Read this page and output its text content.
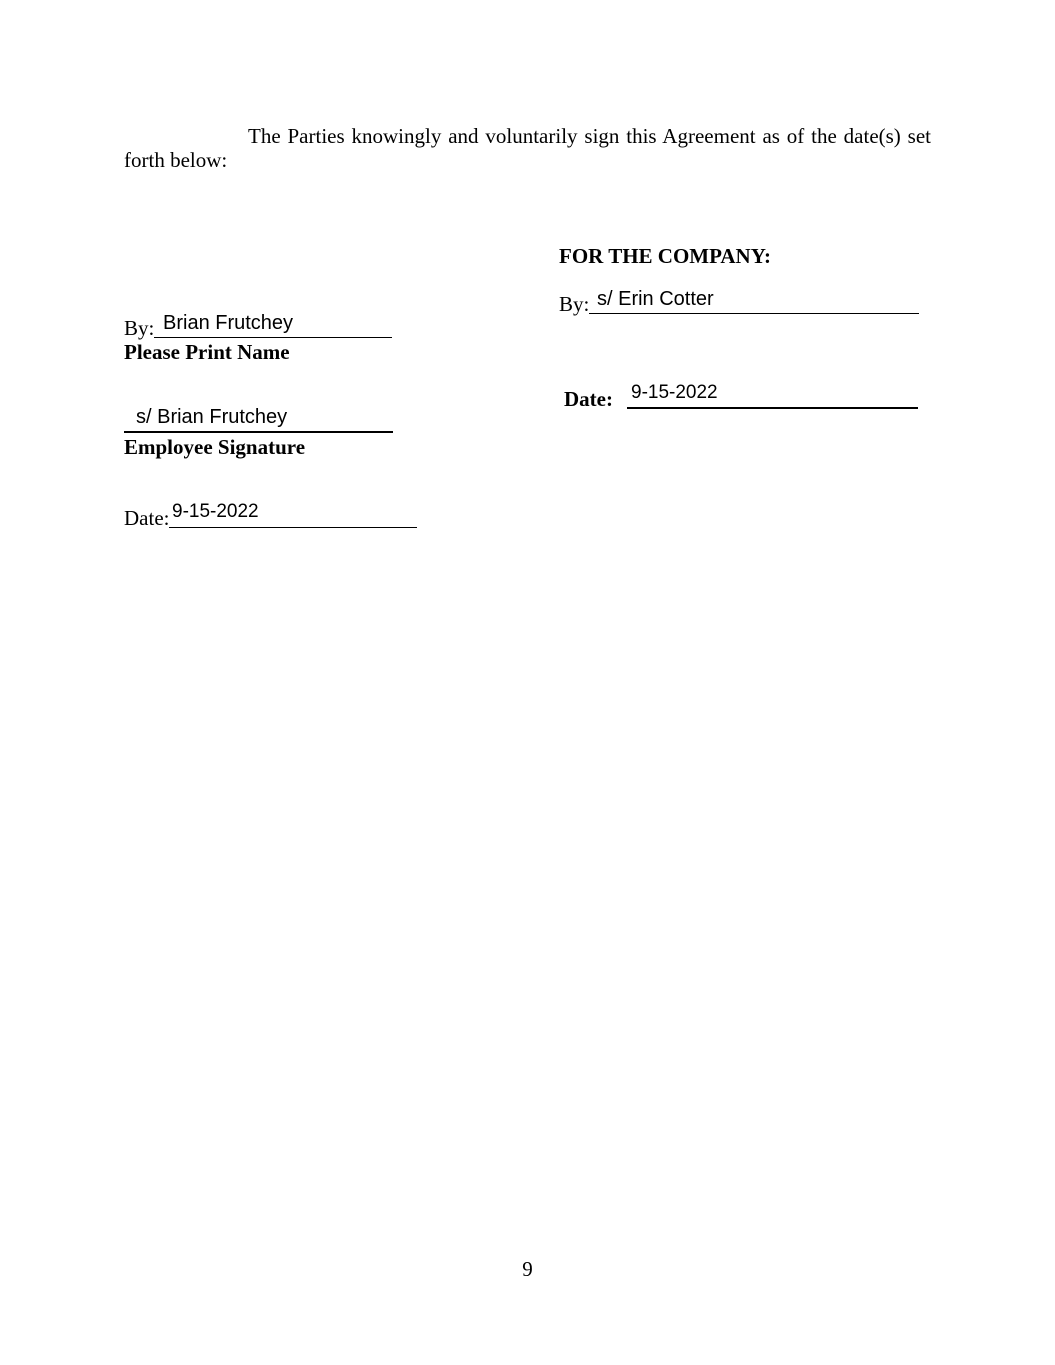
The Parties knowingly and voluntarily sign this Agreement as of the date(s) set forth below:
FOR THE COMPANY:
By: s/ Erin Cotter
Date: 9-15-2022
By: Brian Frutchey
Please Print Name
s/ Brian Frutchey
Employee Signature
Date: 9-15-2022
9
